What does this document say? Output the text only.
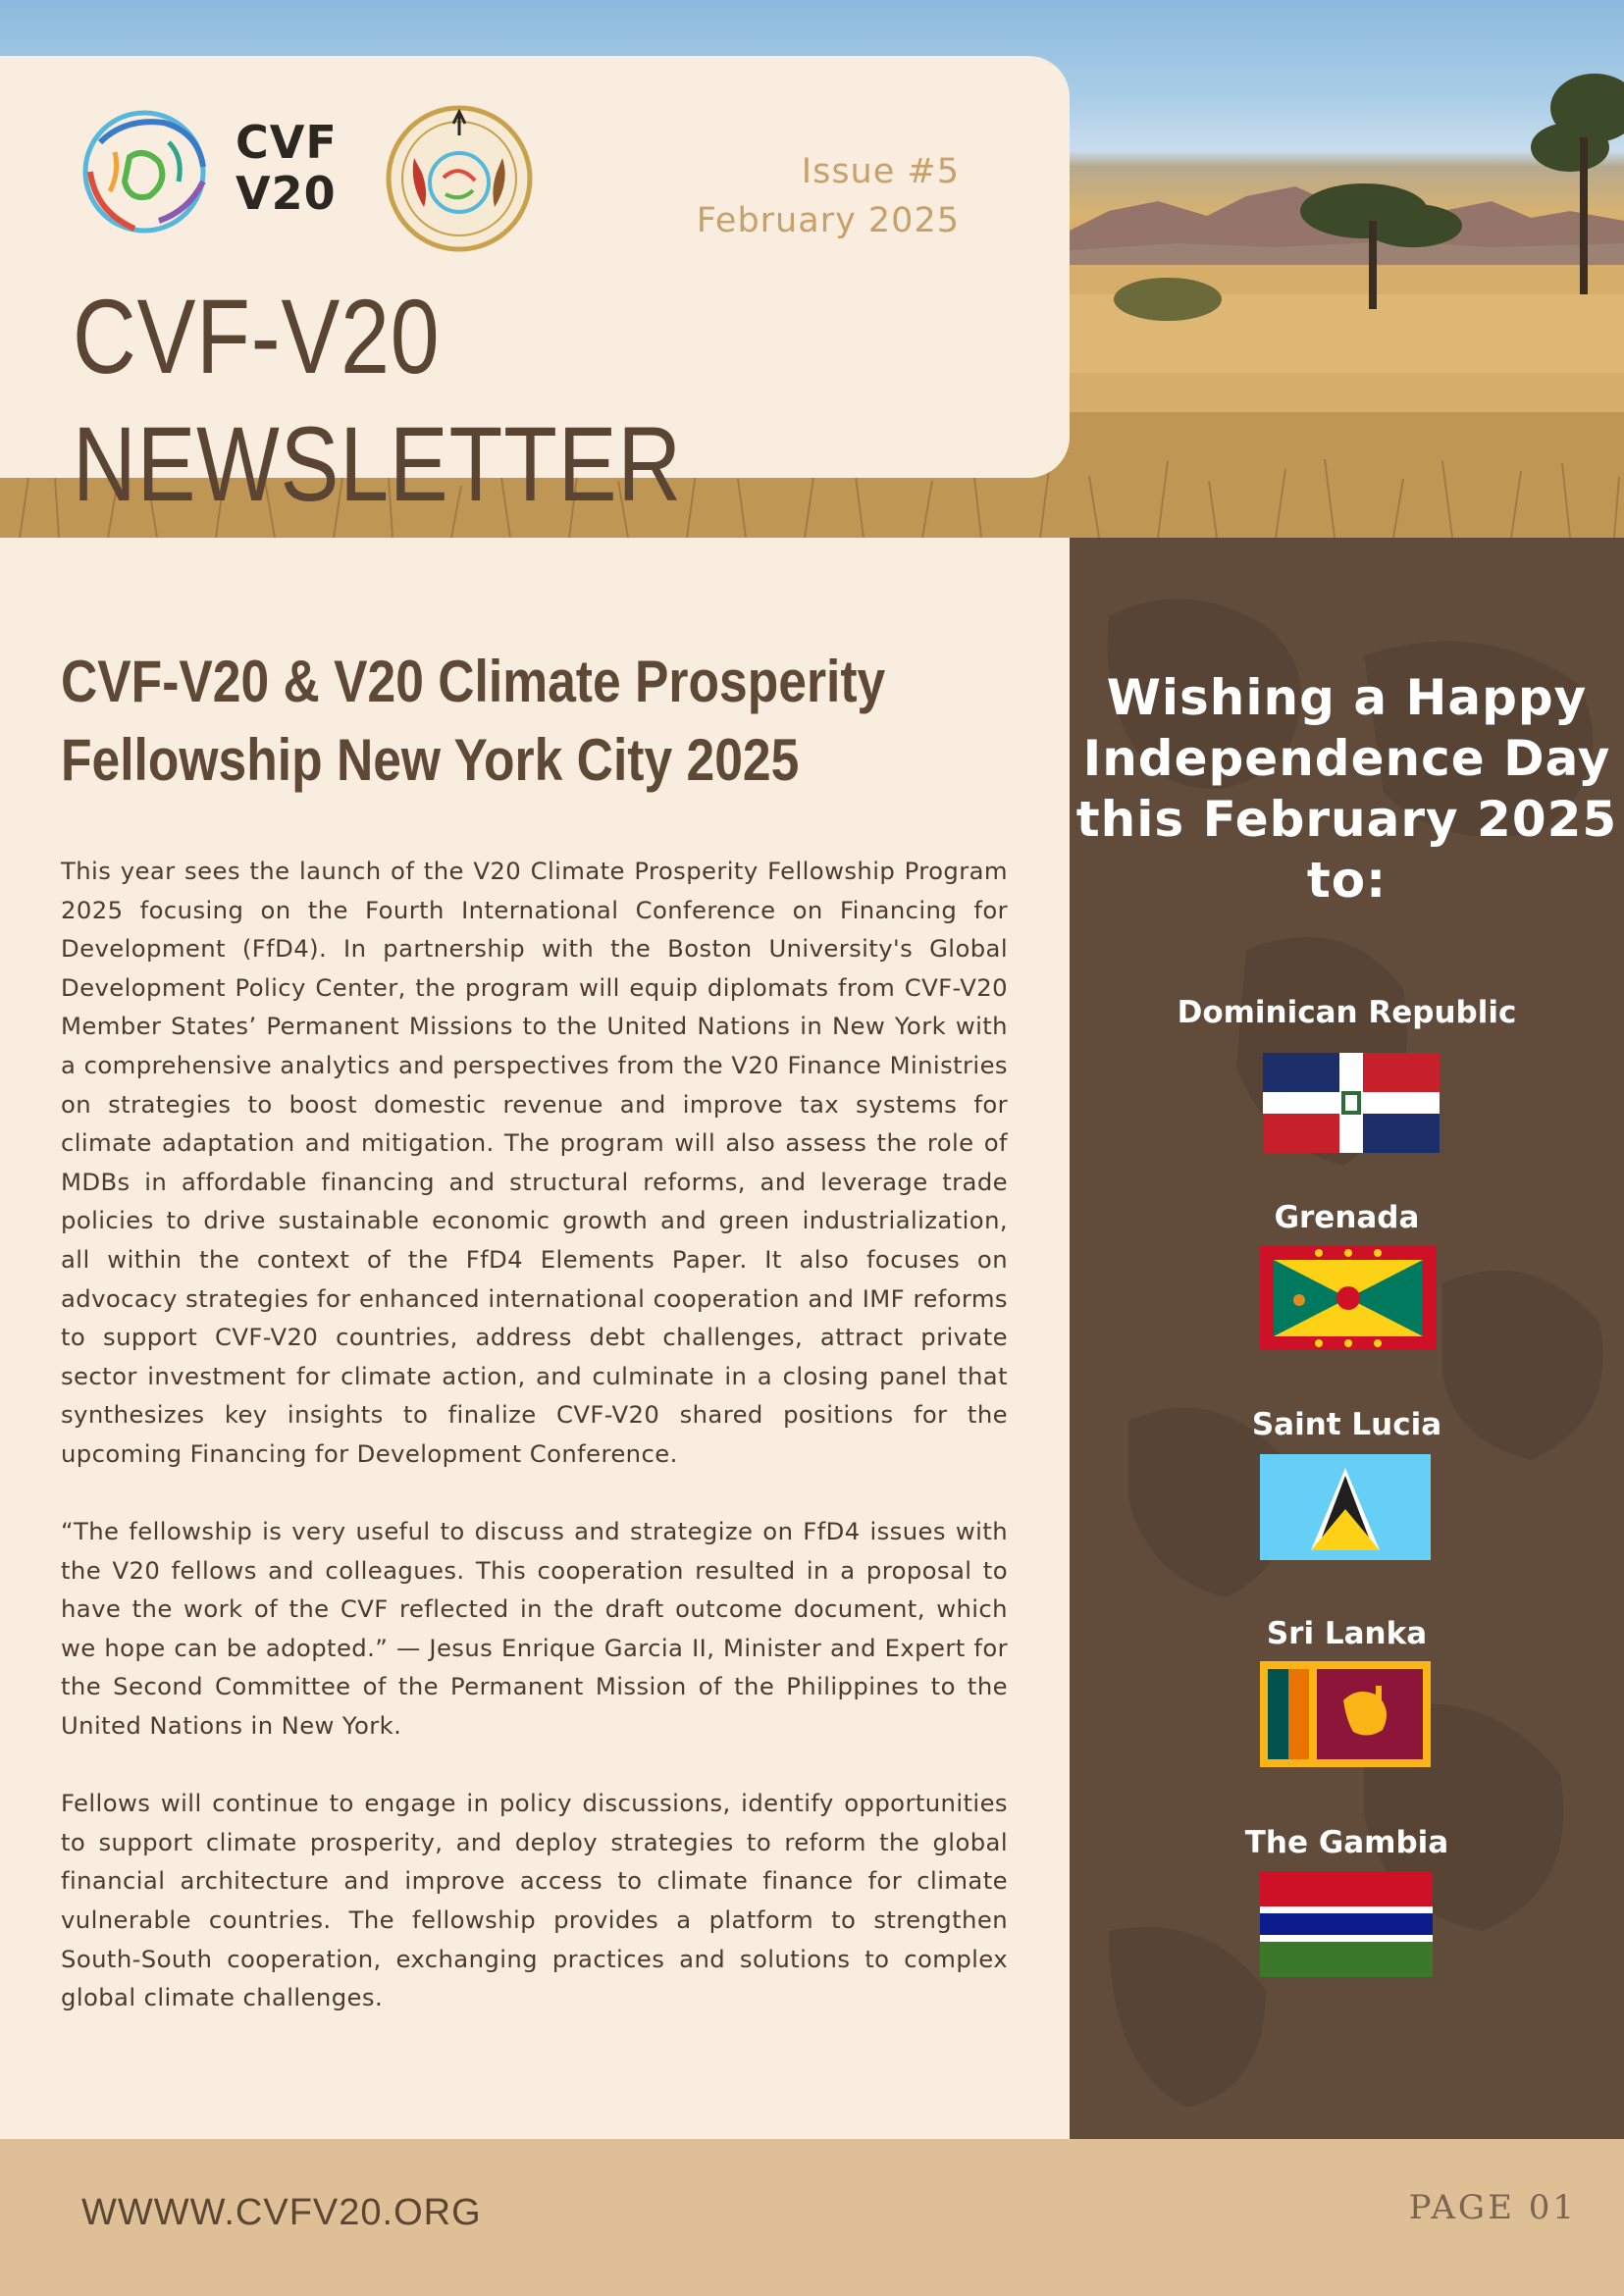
CVF
V20	Issue #5
February 2025
CVF-V20 NEWSLETTER
CVF-V20 & V20 Climate Prosperity Fellowship New York City 2025

This year sees the launch of the V20 Climate Prosperity Fellowship Program 2025 focusing on the Fourth International Conference on Financing for Development (FfD4). In partnership with the Boston University's Global Development Policy Center, the program will equip diplomats from CVF-V20 Member States’ Permanent Missions to the United Nations in New York with a comprehensive analytics and perspectives from the V20 Finance Ministries on strategies to boost domestic revenue and improve tax systems for climate adaptation and mitigation. The program will also assess the role of MDBs in affordable financing and structural reforms, and leverage trade policies to drive sustainable economic growth and green industrialization, all within the context of the FfD4 Elements Paper. It also focuses on advocacy strategies for enhanced international cooperation and IMF reforms to support CVF-V20 countries, address debt challenges, attract private sector investment for climate action, and culminate in a closing panel that synthesizes key insights to finalize CVF-V20 shared positions for the upcoming Financing for Development Conference.

“The fellowship is very useful to discuss and strategize on FfD4 issues with the V20 fellows and colleagues. This cooperation resulted in a proposal to have the work of the CVF reflected in the draft outcome document, which we hope can be adopted.” — Jesus Enrique Garcia II, Minister and Expert for the Second Committee of the Permanent Mission of the Philippines to the United Nations in New York.

Fellows will continue to engage in policy discussions, identify opportunities to support climate prosperity, and deploy strategies to reform the global financial architecture and improve access to climate finance for climate vulnerable countries. The fellowship provides a platform to strengthen South-South cooperation, exchanging practices and solutions to complex global climate challenges.

Wishing a Happy
Independence Day
this February 2025
to:
Dominican Republic
Grenada
Saint Lucia
Sri Lanka
The Gambia
WWWW.CVFV20.ORG	PAGE 01
